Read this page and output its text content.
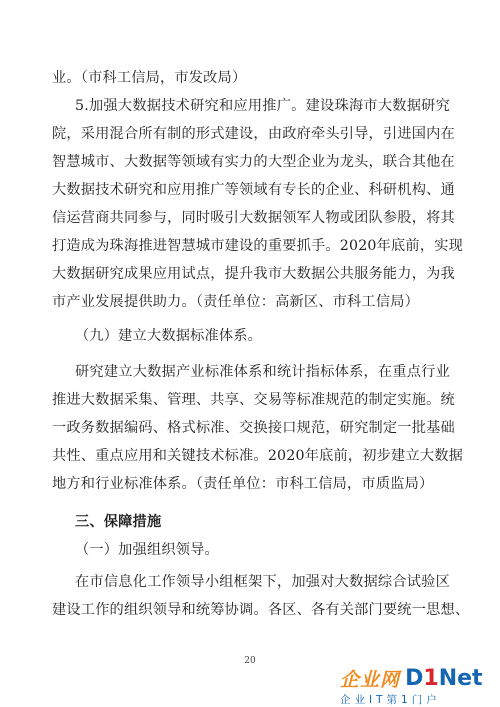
业。（市科工信局，市发改局）
5.加强大数据技术研究和应用推广。建设珠海市大数据研究
院，采用混合所有制的形式建设，由政府牵头引导，引进国内在
智慧城市、大数据等领域有实力的大型企业为龙头，联合其他在
大数据技术研究和应用推广等领域有专长的企业、科研机构、通
信运营商共同参与，同时吸引大数据领军人物或团队参股，将其
打造成为珠海推进智慧城市建设的重要抓手。2020年底前，实现
大数据研究成果应用试点，提升我市大数据公共服务能力，为我
市产业发展提供助力。（责任单位：高新区、市科工信局）
（九）建立大数据标准体系。
研究建立大数据产业标准体系和统计指标体系，在重点行业
推进大数据采集、管理、共享、交易等标准规范的制定实施。统
一政务数据编码、格式标准、交换接口规范，研究制定一批基础
共性、重点应用和关键技术标准。2020年底前，初步建立大数据
地方和行业标准体系。（责任单位：市科工信局，市质监局）
三、保障措施
（一）加强组织领导。
在市信息化工作领导小组框架下，加强对大数据综合试验区
建设工作的组织领导和统筹协调。各区、各有关部门要统一思想、
20
企业网 D1Net
企业IT第1门户
